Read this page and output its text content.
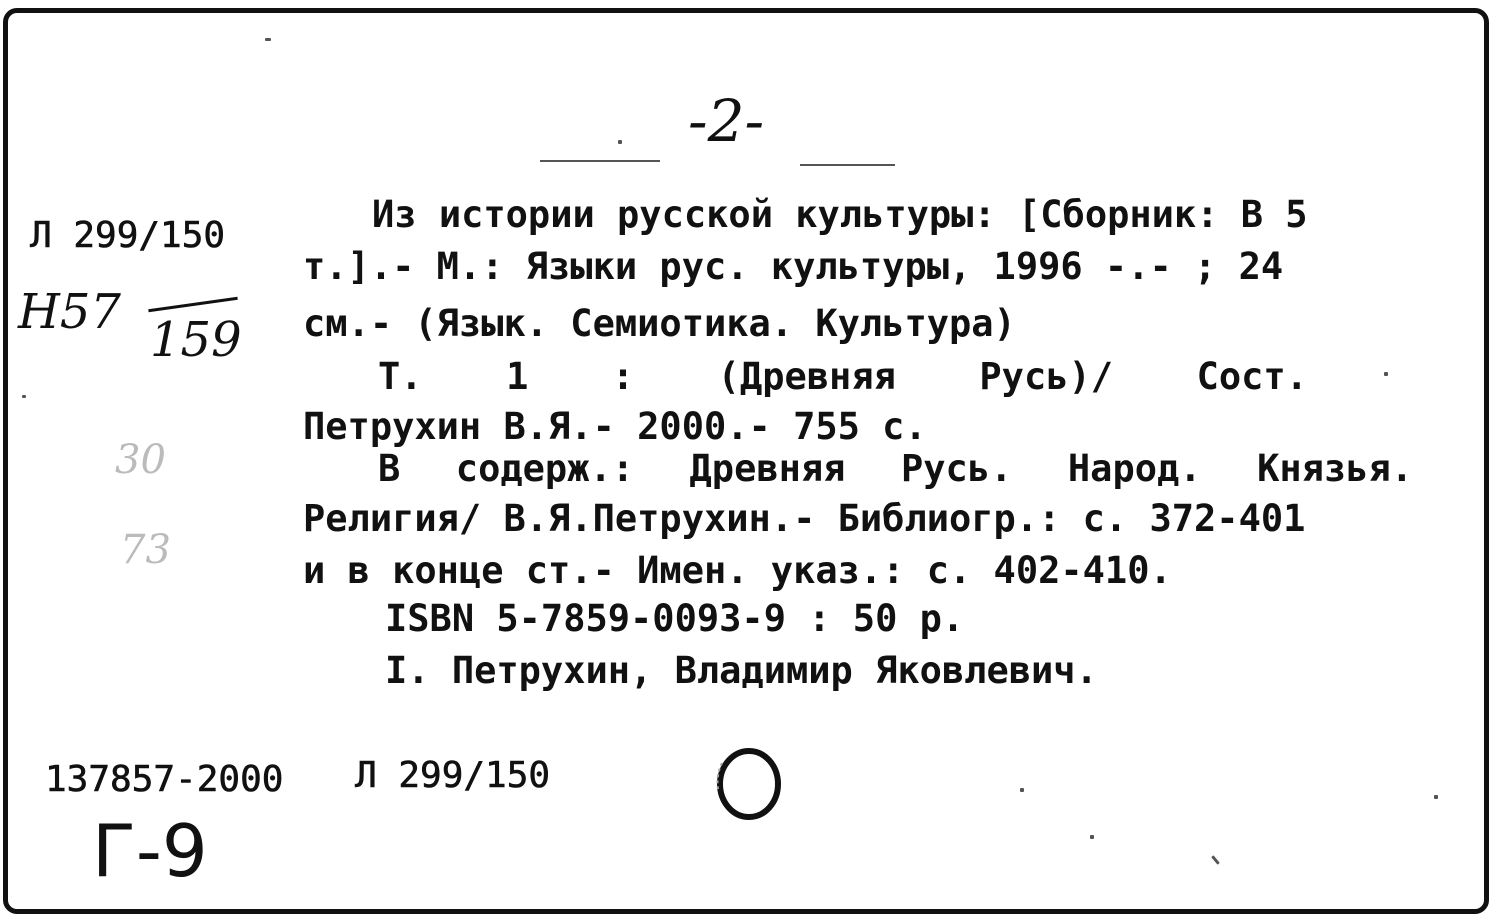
-2-
Л 299/150
Н57 159
30
73
Из истории русской культуры: [Сборник: В 5
т.].- М.: Языки рус. культуры, 1996 -.- ; 24
см.- (Язык. Семиотика. Культура)
Т. 1 : (Древняя Русь)/ Сост.
Петрухин В.Я.- 2000.- 755 с.
В содерж.: Древняя Русь. Народ. Князья.
Религия/ В.Я.Петрухин.- Библиогр.: с. 372-401
и в конце ст.- Имен. указ.: с. 402-410.
ISBN 5-7859-0093-9 : 50 р.
I. Петрухин, Владимир Яковлевич.
137857-2000 Л 299/150
Г-9
